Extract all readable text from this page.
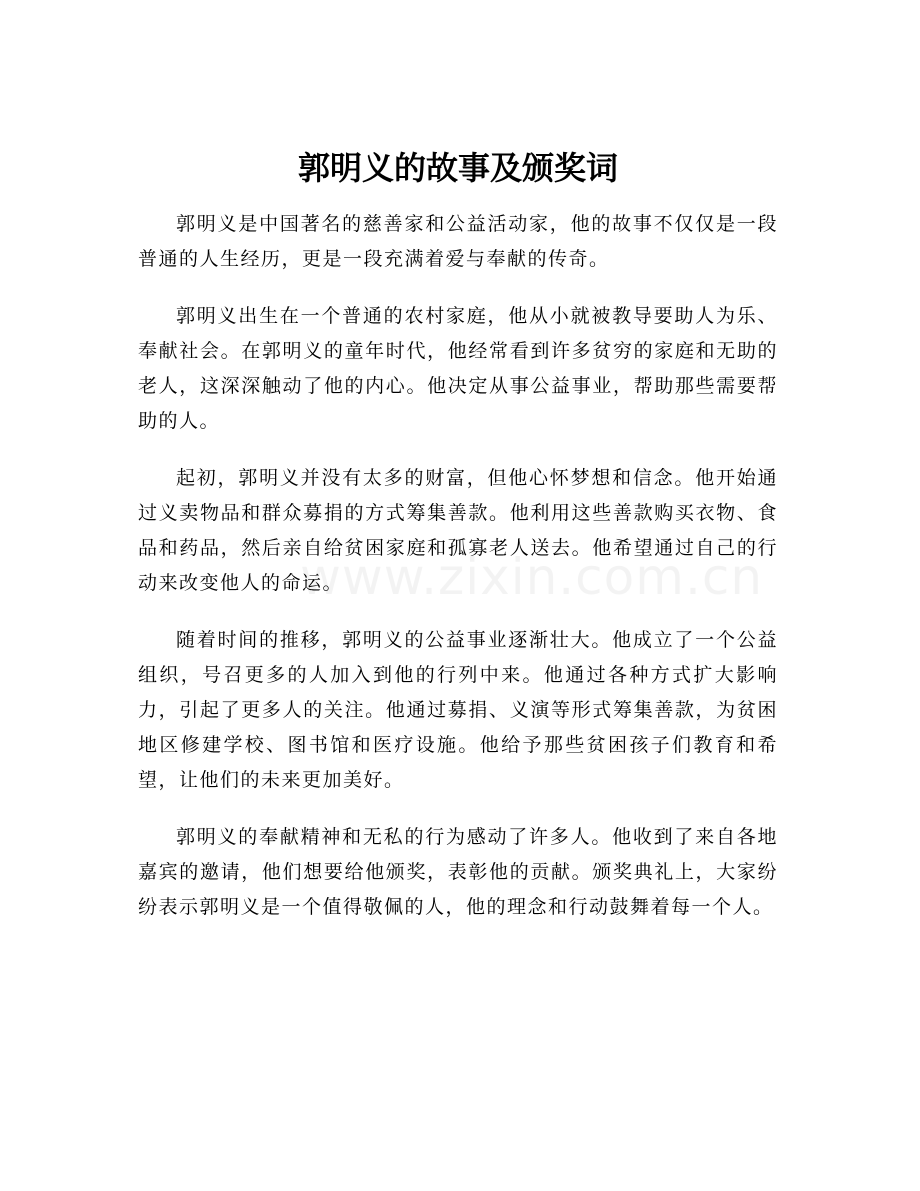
郭明义的故事及颁奖词

郭明义是中国著名的慈善家和公益活动家，他的故事不仅仅是一段普通的人生经历，更是一段充满着爱与奉献的传奇。

郭明义出生在一个普通的农村家庭，他从小就被教导要助人为乐、奉献社会。在郭明义的童年时代，他经常看到许多贫穷的家庭和无助的老人，这深深触动了他的内心。他决定从事公益事业，帮助那些需要帮助的人。

起初，郭明义并没有太多的财富，但他心怀梦想和信念。他开始通过义卖物品和群众募捐的方式筹集善款。他利用这些善款购买衣物、食品和药品，然后亲自给贫困家庭和孤寡老人送去。他希望通过自己的行动来改变他人的命运。

随着时间的推移，郭明义的公益事业逐渐壮大。他成立了一个公益组织，号召更多的人加入到他的行列中来。他通过各种方式扩大影响力，引起了更多人的关注。他通过募捐、义演等形式筹集善款，为贫困地区修建学校、图书馆和医疗设施。他给予那些贫困孩子们教育和希望，让他们的未来更加美好。

郭明义的奉献精神和无私的行为感动了许多人。他收到了来自各地嘉宾的邀请，他们想要给他颁奖，表彰他的贡献。颁奖典礼上，大家纷纷表示郭明义是一个值得敬佩的人，他的理念和行动鼓舞着每一个人。
